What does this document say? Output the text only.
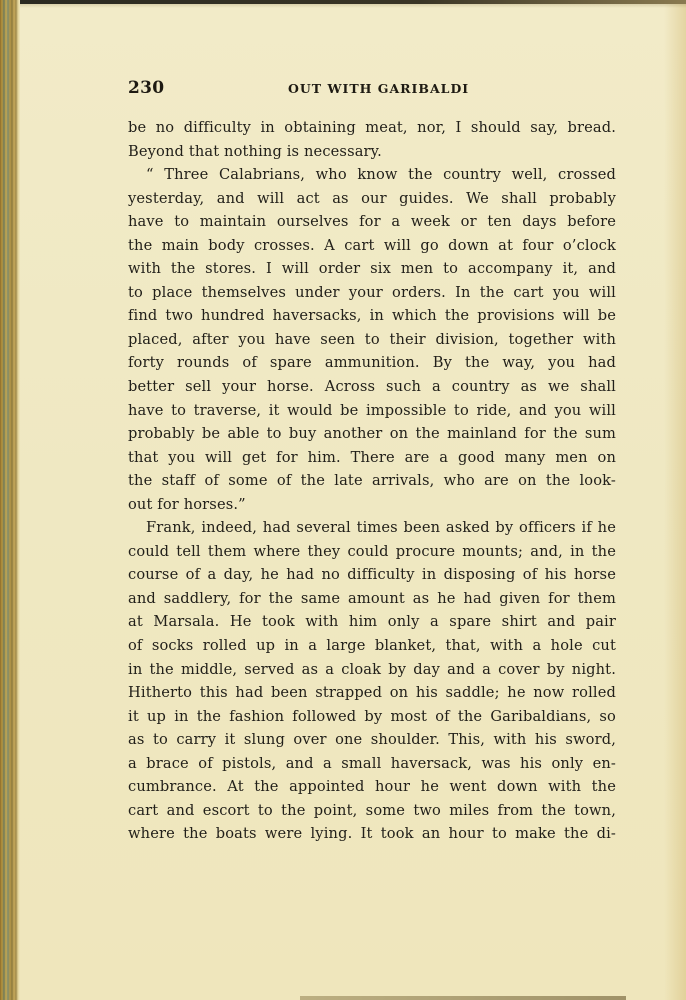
230	OUT WITH GARIBALDI
be no difficulty in obtaining meat, nor, I should say, bread.
Beyond that nothing is necessary.
“ Three Calabrians, who know the country well, crossed
yesterday, and will act as our guides. We shall probably
have to maintain ourselves for a week or ten days before
the main body crosses. A cart will go down at four o’clock
with the stores. I will order six men to accompany it, and
to place themselves under your orders. In the cart you will
find two hundred haversacks, in which the provisions will be
placed, after you have seen to their division, together with
forty rounds of spare ammunition. By the way, you had
better sell your horse. Across such a country as we shall
have to traverse, it would be impossible to ride, and you will
probably be able to buy another on the mainland for the sum
that you will get for him. There are a good many men on
the staff of some of the late arrivals, who are on the look-
out for horses.”
Frank, indeed, had several times been asked by officers if he
could tell them where they could procure mounts; and, in the
course of a day, he had no difficulty in disposing of his horse
and saddlery, for the same amount as he had given for them
at Marsala. He took with him only a spare shirt and pair
of socks rolled up in a large blanket, that, with a hole cut
in the middle, served as a cloak by day and a cover by night.
Hitherto this had been strapped on his saddle; he now rolled
it up in the fashion followed by most of the Garibaldians, so
as to carry it slung over one shoulder. This, with his sword,
a brace of pistols, and a small haversack, was his only en-
cumbrance. At the appointed hour he went down with the
cart and escort to the point, some two miles from the town,
where the boats were lying. It took an hour to make the di-
